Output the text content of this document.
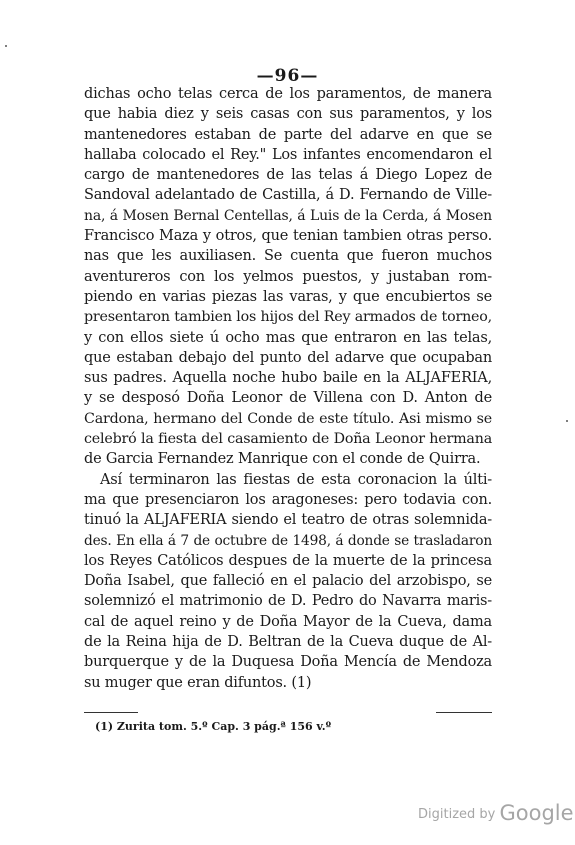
—96—
dichas ocho telas cerca de los paramentos, de manera
que habia diez y seis casas con sus paramentos, y los
mantenedores estaban de parte del adarve en que se
hallaba colocado el Rey." Los infantes encomendaron el
cargo de mantenedores de las telas á Diego Lopez de
Sandoval adelantado de Castilla, á D. Fernando de Ville-
na, á Mosen Bernal Centellas, á Luis de la Cerda, á Mosen
Francisco Maza y otros, que tenian tambien otras perso.
nas que les auxiliasen. Se cuenta que fueron muchos
aventureros con los yelmos puestos, y justaban rom-
piendo en varias piezas las varas, y que encubiertos se
presentaron tambien los hijos del Rey armados de torneo,
y con ellos siete ú ocho mas que entraron en las telas,
que estaban debajo del punto del adarve que ocupaban
sus padres. Aquella noche hubo baile en la ALJAFERIA,
y se desposó Doña Leonor de Villena con D. Anton de
Cardona, hermano del Conde de este título. Asi mismo se
celebró la fiesta del casamiento de Doña Leonor hermana
de Garcia Fernandez Manrique con el conde de Quirra.
Así terminaron las fiestas de esta coronacion la últi-
ma que presenciaron los aragoneses: pero todavia con.
tinuó la ALJAFERIA siendo el teatro de otras solemnida-
des. En ella á 7 de octubre de 1498, á donde se trasladaron
los Reyes Católicos despues de la muerte de la princesa
Doña Isabel, que falleció en el palacio del arzobispo, se
solemnizó el matrimonio de D. Pedro do Navarra maris-
cal de aquel reino y de Doña Mayor de la Cueva, dama
de la Reina hija de D. Beltran de la Cueva duque de Al-
burquerque y de la Duquesa Doña Mencía de Mendoza
su muger que eran difuntos. (1)
(1) Zurita tom. 5.º Cap. 3 pág.ª 156 v.º
Digitized by Google
